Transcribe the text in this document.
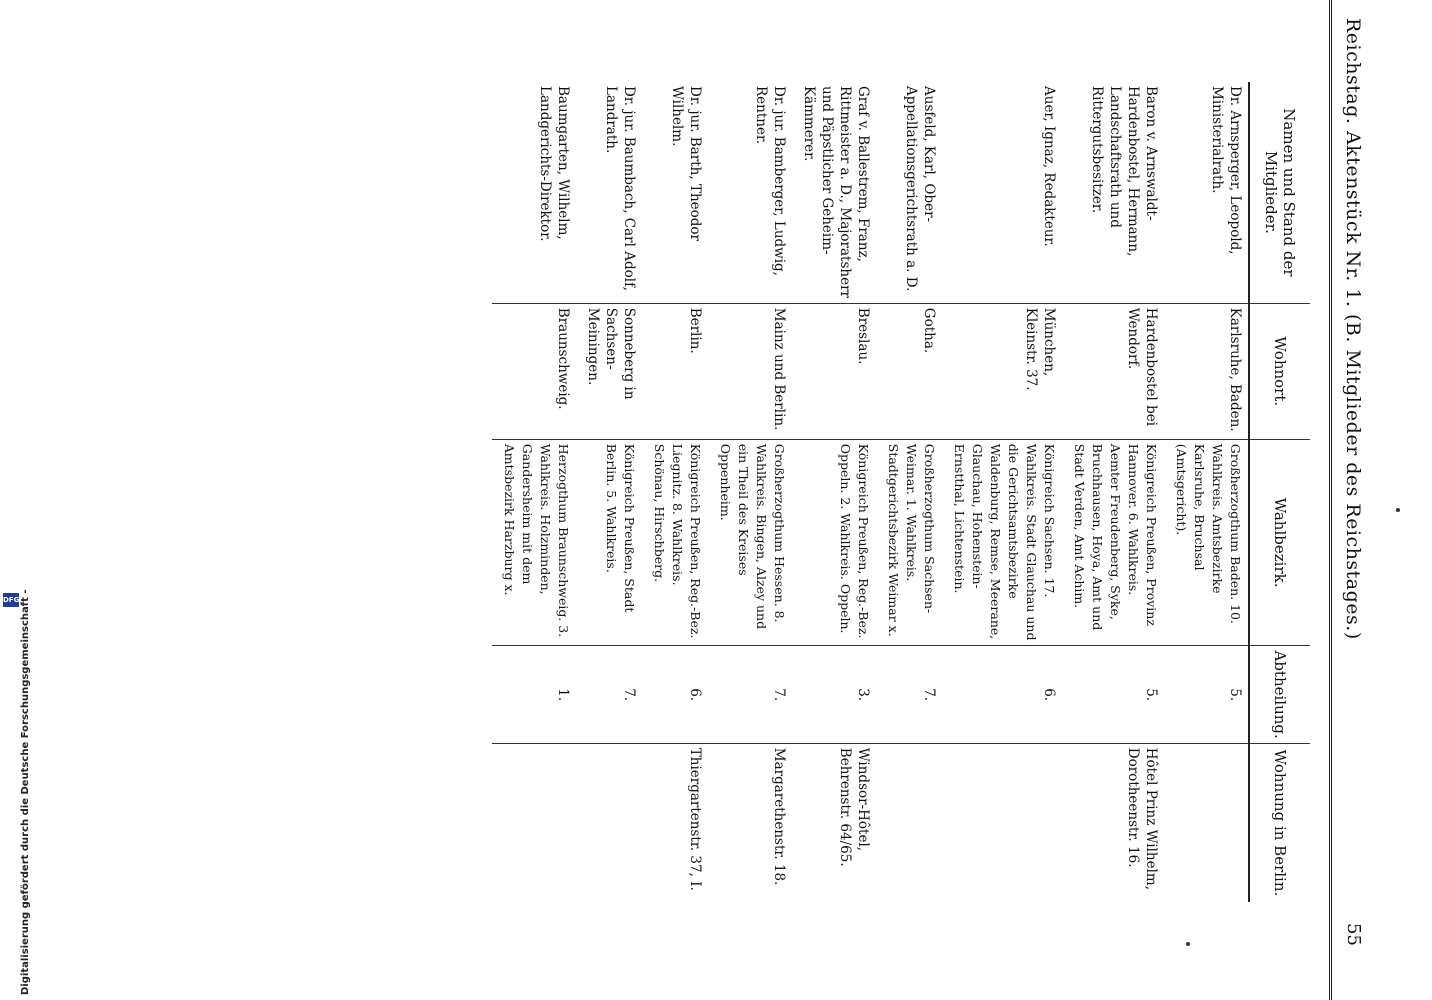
Reichstag. Aktenstück Nr. 1. (B. Mitglieder des Reichstages.)
55
Namen und Stand der Mitglieder.	Wohnort.	Wahlbezirk.	Abtheilung.	Wohnung in Berlin.
Dr. Arnsperger, Leopold, Ministerialrath.	Karlsruhe, Baden.	Großherzogthum Baden. 10. Wahlkreis. Amtsbezirke Karlsruhe, Bruchsal (Amtsgericht).	5.	
Baron v. Arnswaldt-Hardenbostel, Hermann, Landschaftsrath und Rittergutsbesitzer.	Hardenbostel bei Wendorf.	Königreich Preußen, Provinz Hannover. 6. Wahlkreis. Aemter Freudenberg, Syke, Bruchhausen, Hoya, Amt und Stadt Verden, Amt Achim.	5.	Hôtel Prinz Wilhelm, Dorotheenstr. 16.
Auer, Ignaz, Redakteur.	München, Kleinstr. 37.	Königreich Sachsen. 17. Wahlkreis. Stadt Glauchau und die Gerichtsamtsbezirke Waldenburg, Remse, Meerane, Glauchau, Hohenstein-Ernstthal, Lichtenstein.	6.	
Ausfeld, Karl, Ober-Appellationsgerichtsrath a. D.	Gotha.	Großherzogthum Sachsen-Weimar. 1. Wahlkreis. Stadtgerichtsbezirk Weimar x.	7.	
Graf v. Ballestrem, Franz, Rittmeister a. D., Majoratsherr und Päpstlicher Geheim-Kämmerer.	Breslau.	Königreich Preußen, Reg.-Bez. Oppeln. 2. Wahlkreis. Oppeln.	3.	Windsor-Hôtel, Behrenstr. 64/65.
Dr. jur. Bamberger, Ludwig, Rentner.	Mainz und Berlin.	Großherzogthum Hessen. 8. Wahlkreis. Bingen, Alzey und ein Theil des Kreises Oppenheim.	7.	Margarethenstr. 18.
Dr. jur. Barth, Theodor Wilhelm.	Berlin.	Königreich Preußen, Reg.-Bez. Liegnitz. 8. Wahlkreis. Schönau, Hirschberg.	6.	Thiergartenstr. 37, I.
Dr. jur. Baumbach, Carl Adolf, Landrath.	Sonneberg in Sachsen-Meiningen.	Königreich Preußen, Stadt Berlin. 5. Wahlkreis.	7.	
Baumgarten, Wilhelm, Landgerichts-Direktor.	Braunschweig.	Herzogthum Braunschweig. 3. Wahlkreis. Holzminden, Gandersheim mit dem Amtsbezirk Harzburg x.	1.	
Digitalisierung gefördert durch die Deutsche Forschungsgemeinschaft -
DFG
